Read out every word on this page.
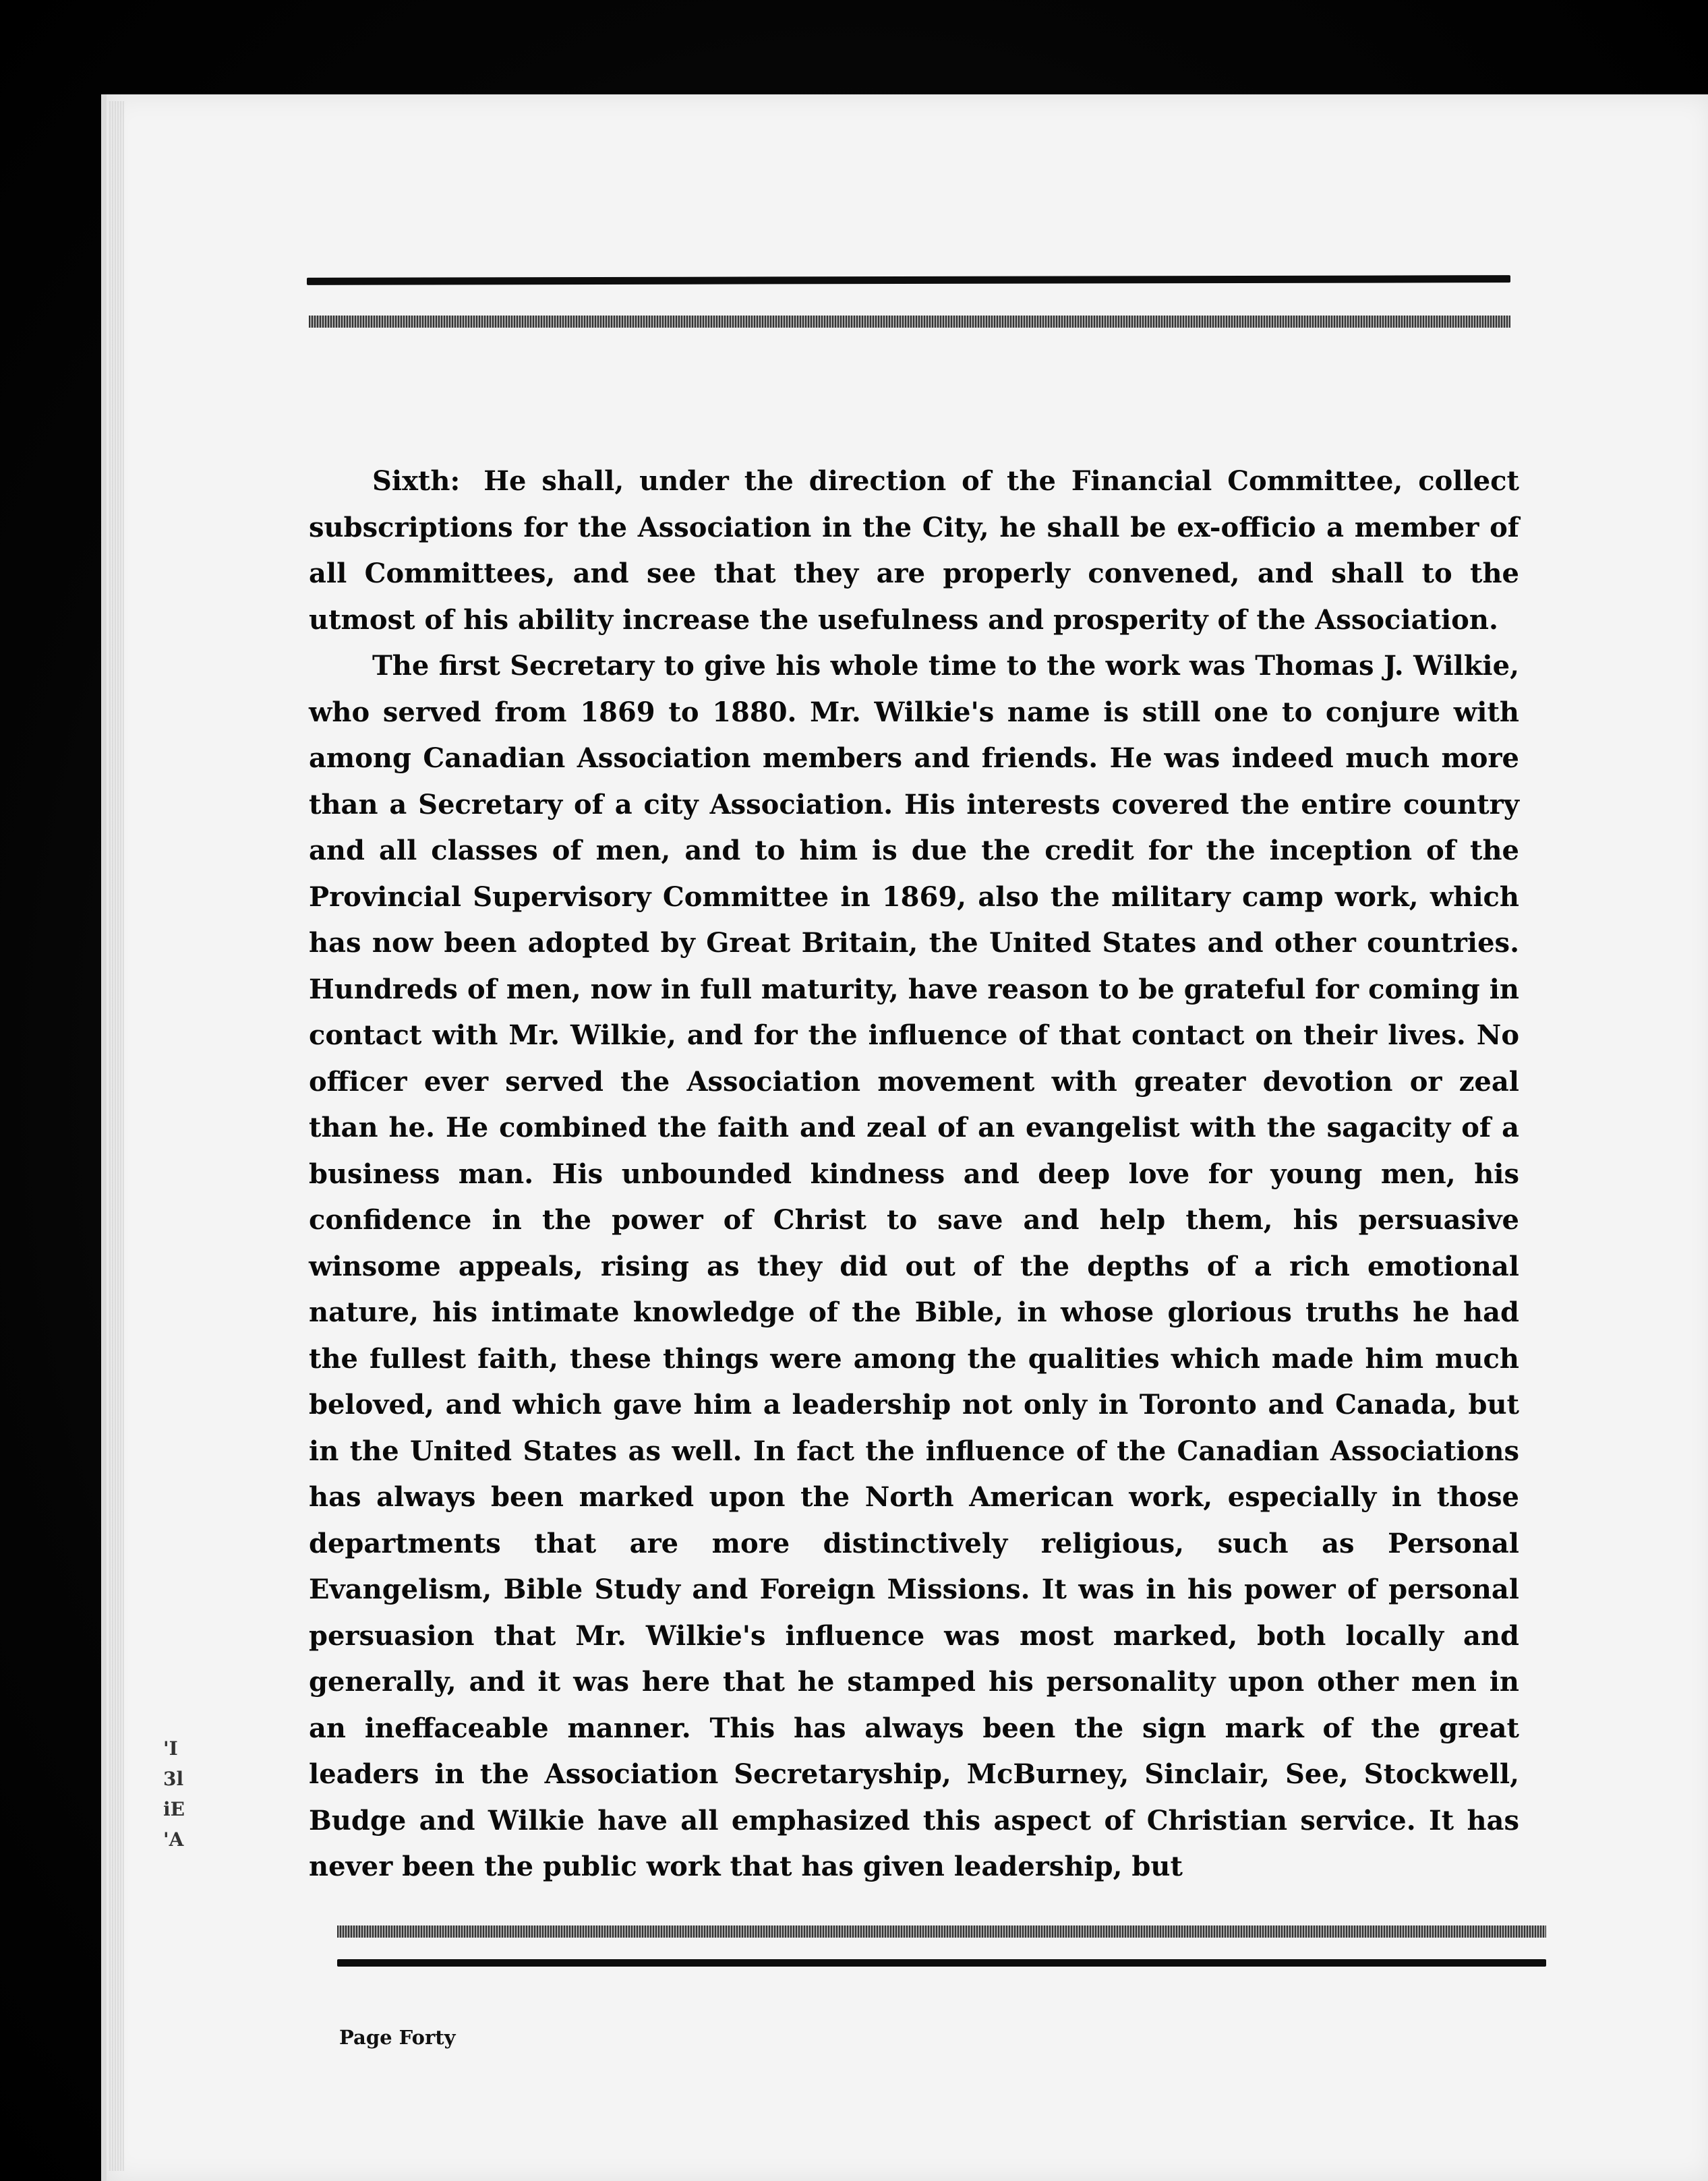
Sixth: He shall, under the direction of the Financial Committee, collect subscriptions for the Association in the City, he shall be ex-officio a member of all Committees, and see that they are properly convened, and shall to the utmost of his ability increase the usefulness and prosperity of the Association.

The first Secretary to give his whole time to the work was Thomas J. Wilkie, who served from 1869 to 1880. Mr. Wilkie's name is still one to conjure with among Canadian Association members and friends. He was indeed much more than a Secretary of a city Association. His interests covered the entire country and all classes of men, and to him is due the credit for the inception of the Provincial Supervisory Committee in 1869, also the military camp work, which has now been adopted by Great Britain, the United States and other countries. Hundreds of men, now in full maturity, have reason to be grateful for coming in contact with Mr. Wilkie, and for the influence of that contact on their lives. No officer ever served the Association movement with greater devotion or zeal than he. He combined the faith and zeal of an evangelist with the sagacity of a business man. His unbounded kindness and deep love for young men, his confidence in the power of Christ to save and help them, his persuasive winsome appeals, rising as they did out of the depths of a rich emotional nature, his intimate knowledge of the Bible, in whose glorious truths he had the fullest faith, these things were among the qualities which made him much beloved, and which gave him a leadership not only in Toronto and Canada, but in the United States as well. In fact the influence of the Canadian Associations has always been marked upon the North American work, especially in those departments that are more distinctively religious, such as Personal Evangelism, Bible Study and Foreign Missions. It was in his power of personal persuasion that Mr. Wilkie's influence was most marked, both locally and generally, and it was here that he stamped his personality upon other men in an ineffaceable manner. This has always been the sign mark of the great leaders in the Association Secretaryship, McBurney, Sinclair, See, Stockwell, Budge and Wilkie have all emphasized this aspect of Christian service. It has never been the public work that has given leadership, but

'I
3l
iE
'A
Page Forty
